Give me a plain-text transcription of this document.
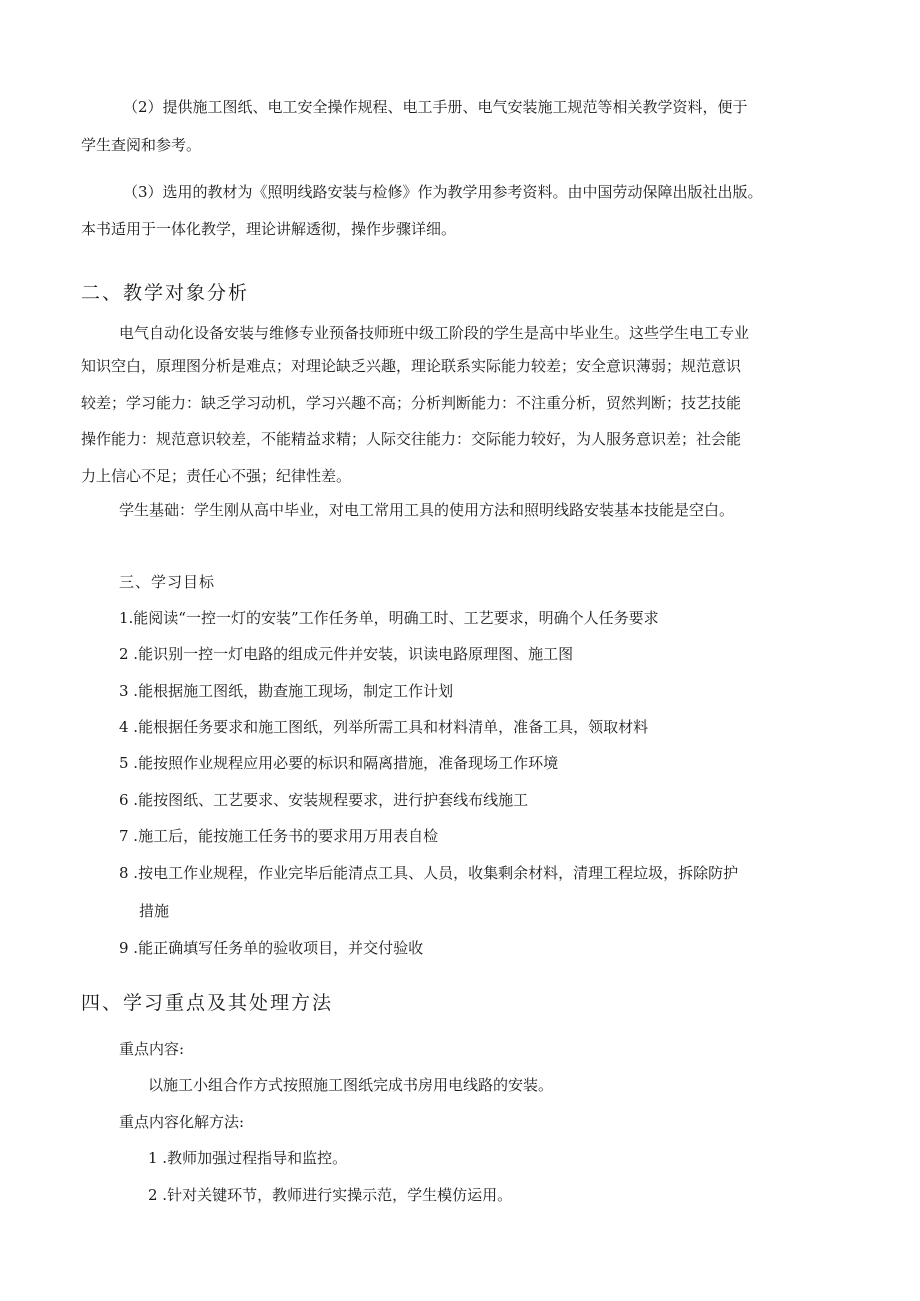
（2）提供施工图纸、电工安全操作规程、电工手册、电气安装施工规范等相关教学资料，便于
学生查阅和参考。
（3）选用的教材为《照明线路安装与检修》作为教学用参考资料。由中国劳动保障出版社出版。
本书适用于一体化教学，理论讲解透彻，操作步骤详细。
二、教学对象分析
电气自动化设备安装与维修专业预备技师班中级工阶段的学生是高中毕业生。这些学生电工专业
知识空白，原理图分析是难点；对理论缺乏兴趣，理论联系实际能力较差；安全意识薄弱；规范意识
较差；学习能力：缺乏学习动机，学习兴趣不高；分析判断能力：不注重分析，贸然判断；技艺技能
操作能力：规范意识较差，不能精益求精；人际交往能力：交际能力较好，为人服务意识差；社会能
力上信心不足；责任心不强；纪律性差。
学生基础：学生刚从高中毕业，对电工常用工具的使用方法和照明线路安装基本技能是空白。
三、学习目标
1.能阅读“一控一灯的安装”工作任务单，明确工时、工艺要求，明确个人任务要求
2 .能识别一控一灯电路的组成元件并安装，识读电路原理图、施工图
3 .能根据施工图纸，勘查施工现场，制定工作计划
4 .能根据任务要求和施工图纸，列举所需工具和材料清单，准备工具，领取材料
5 .能按照作业规程应用必要的标识和隔离措施，准备现场工作环境
6 .能按图纸、工艺要求、安装规程要求，进行护套线布线施工
7 .施工后，能按施工任务书的要求用万用表自检
8 .按电工作业规程，作业完毕后能清点工具、人员，收集剩余材料，清理工程垃圾，拆除防护
措施
9 .能正确填写任务单的验收项目，并交付验收
四、学习重点及其处理方法
重点内容:
以施工小组合作方式按照施工图纸完成书房用电线路的安装。
重点内容化解方法:
1 .教师加强过程指导和监控。
2 .针对关键环节，教师进行实操示范，学生模仿运用。
